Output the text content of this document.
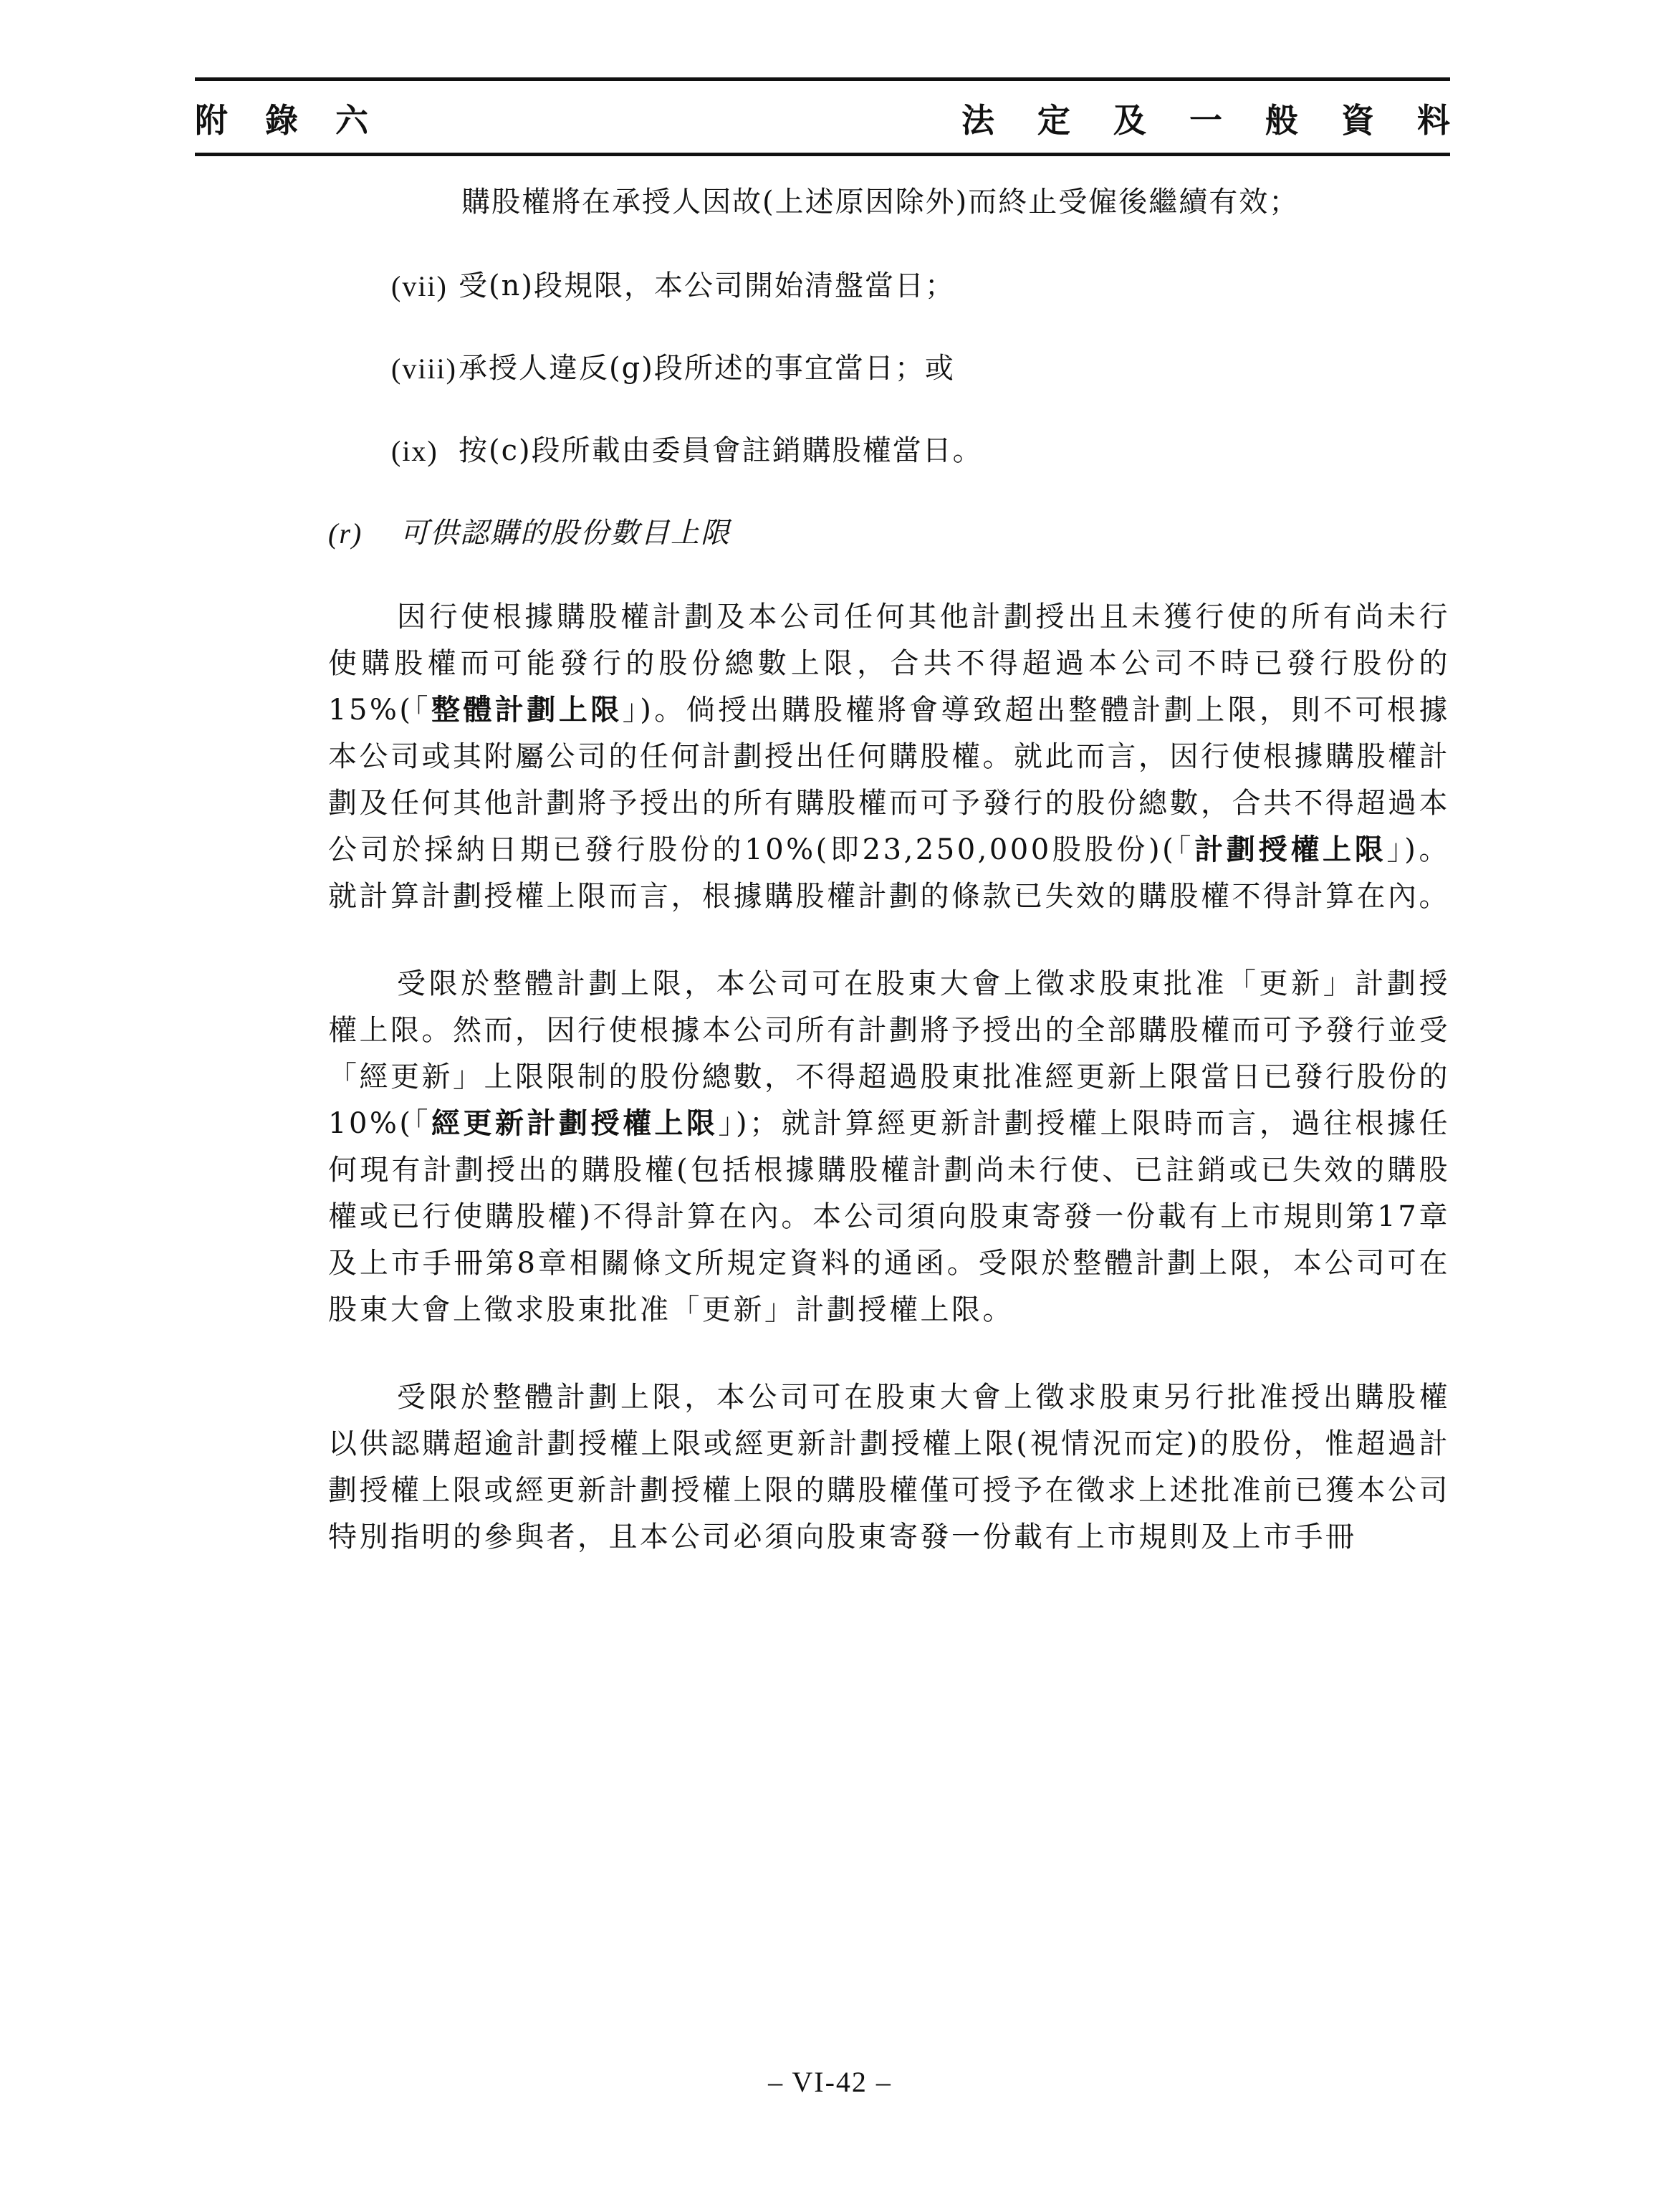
附 錄 六	法 定 及 一 般 資 料
購股權將在承授人因故(上述原因除外)而終止受僱後繼續有效；
(vii) 受(n)段規限，本公司開始清盤當日；
(viii) 承授人違反(g)段所述的事宜當日；或
(ix) 按(c)段所載由委員會註銷購股權當日。
(r)	可供認購的股份數目上限

因行使根據購股權計劃及本公司任何其他計劃授出且未獲行使的所有尚未行使購股權而可能發行的股份總數上限，合共不得超過本公司不時已發行股份的15%(「整體計劃上限」)。倘授出購股權將會導致超出整體計劃上限，則不可根據本公司或其附屬公司的任何計劃授出任何購股權。就此而言，因行使根據購股權計劃及任何其他計劃將予授出的所有購股權而可予發行的股份總數，合共不得超過本公司於採納日期已發行股份的10%(即23,250,000股股份)(「計劃授權上限」)。就計算計劃授權上限而言，根據購股權計劃的條款已失效的購股權不得計算在內。

受限於整體計劃上限，本公司可在股東大會上徵求股東批准「更新」計劃授權上限。然而，因行使根據本公司所有計劃將予授出的全部購股權而可予發行並受「經更新」上限限制的股份總數，不得超過股東批准經更新上限當日已發行股份的10%(「經更新計劃授權上限」)；就計算經更新計劃授權上限時而言，過往根據任何現有計劃授出的購股權(包括根據購股權計劃尚未行使、已註銷或已失效的購股權或已行使購股權)不得計算在內。本公司須向股東寄發一份載有上市規則第17章及上市手冊第8章相關條文所規定資料的通函。受限於整體計劃上限，本公司可在股東大會上徵求股東批准「更新」計劃授權上限。

受限於整體計劃上限，本公司可在股東大會上徵求股東另行批准授出購股權以供認購超逾計劃授權上限或經更新計劃授權上限(視情況而定)的股份，惟超過計劃授權上限或經更新計劃授權上限的購股權僅可授予在徵求上述批准前已獲本公司特別指明的參與者，且本公司必須向股東寄發一份載有上市規則及上市手冊

– VI-42 –
